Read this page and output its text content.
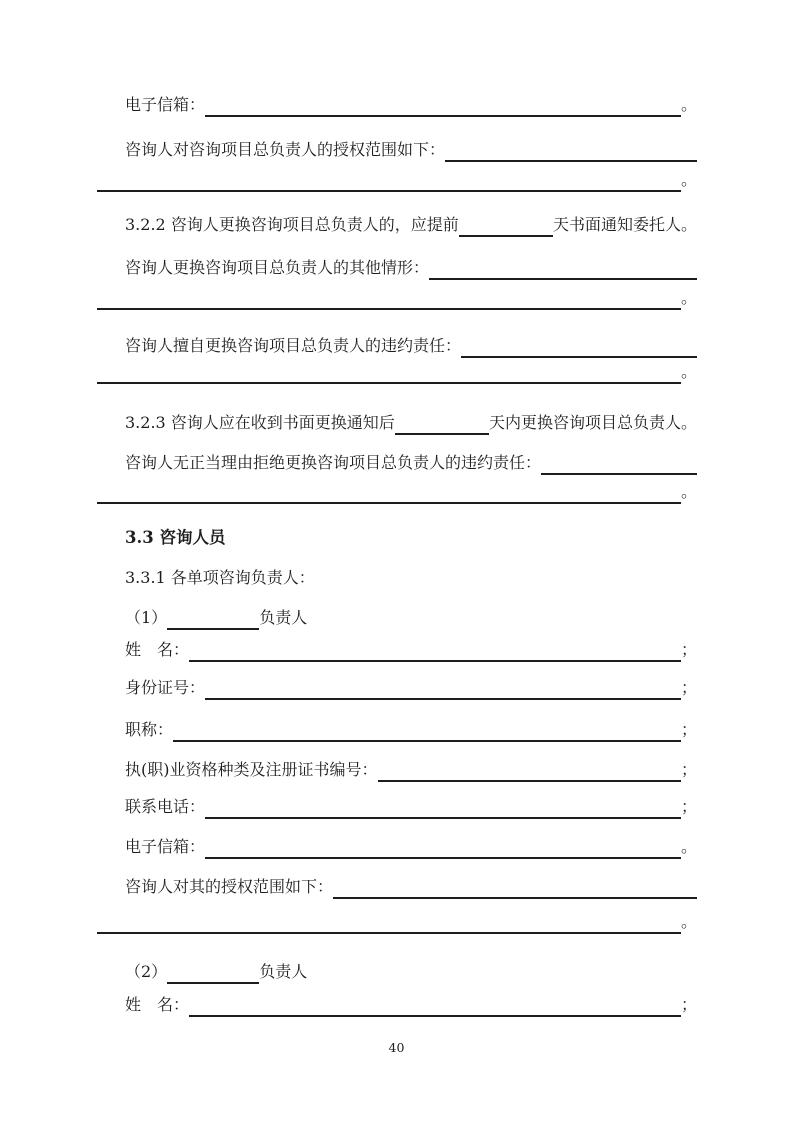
电子信箱：	。
咨询人对咨询项目总负责人的授权范围如下：
。
3.2.2 咨询人更换咨询项目总负责人的，应提前	天书面通知委托人。
咨询人更换咨询项目总负责人的其他情形：
。
咨询人擅自更换咨询项目总负责人的违约责任：
。
3.2.3 咨询人应在收到书面更换通知后	天内更换咨询项目总负责人。
咨询人无正当理由拒绝更换咨询项目总负责人的违约责任：
。
3.3 咨询人员
3.3.1 各单项咨询负责人：
（1）	负责人
姓　名：	；
身份证号：	；
职称：	；
执(职)业资格种类及注册证书编号：	；
联系电话：	；
电子信箱：	。
咨询人对其的授权范围如下：
。
（2）	负责人
姓　名：	；
40
